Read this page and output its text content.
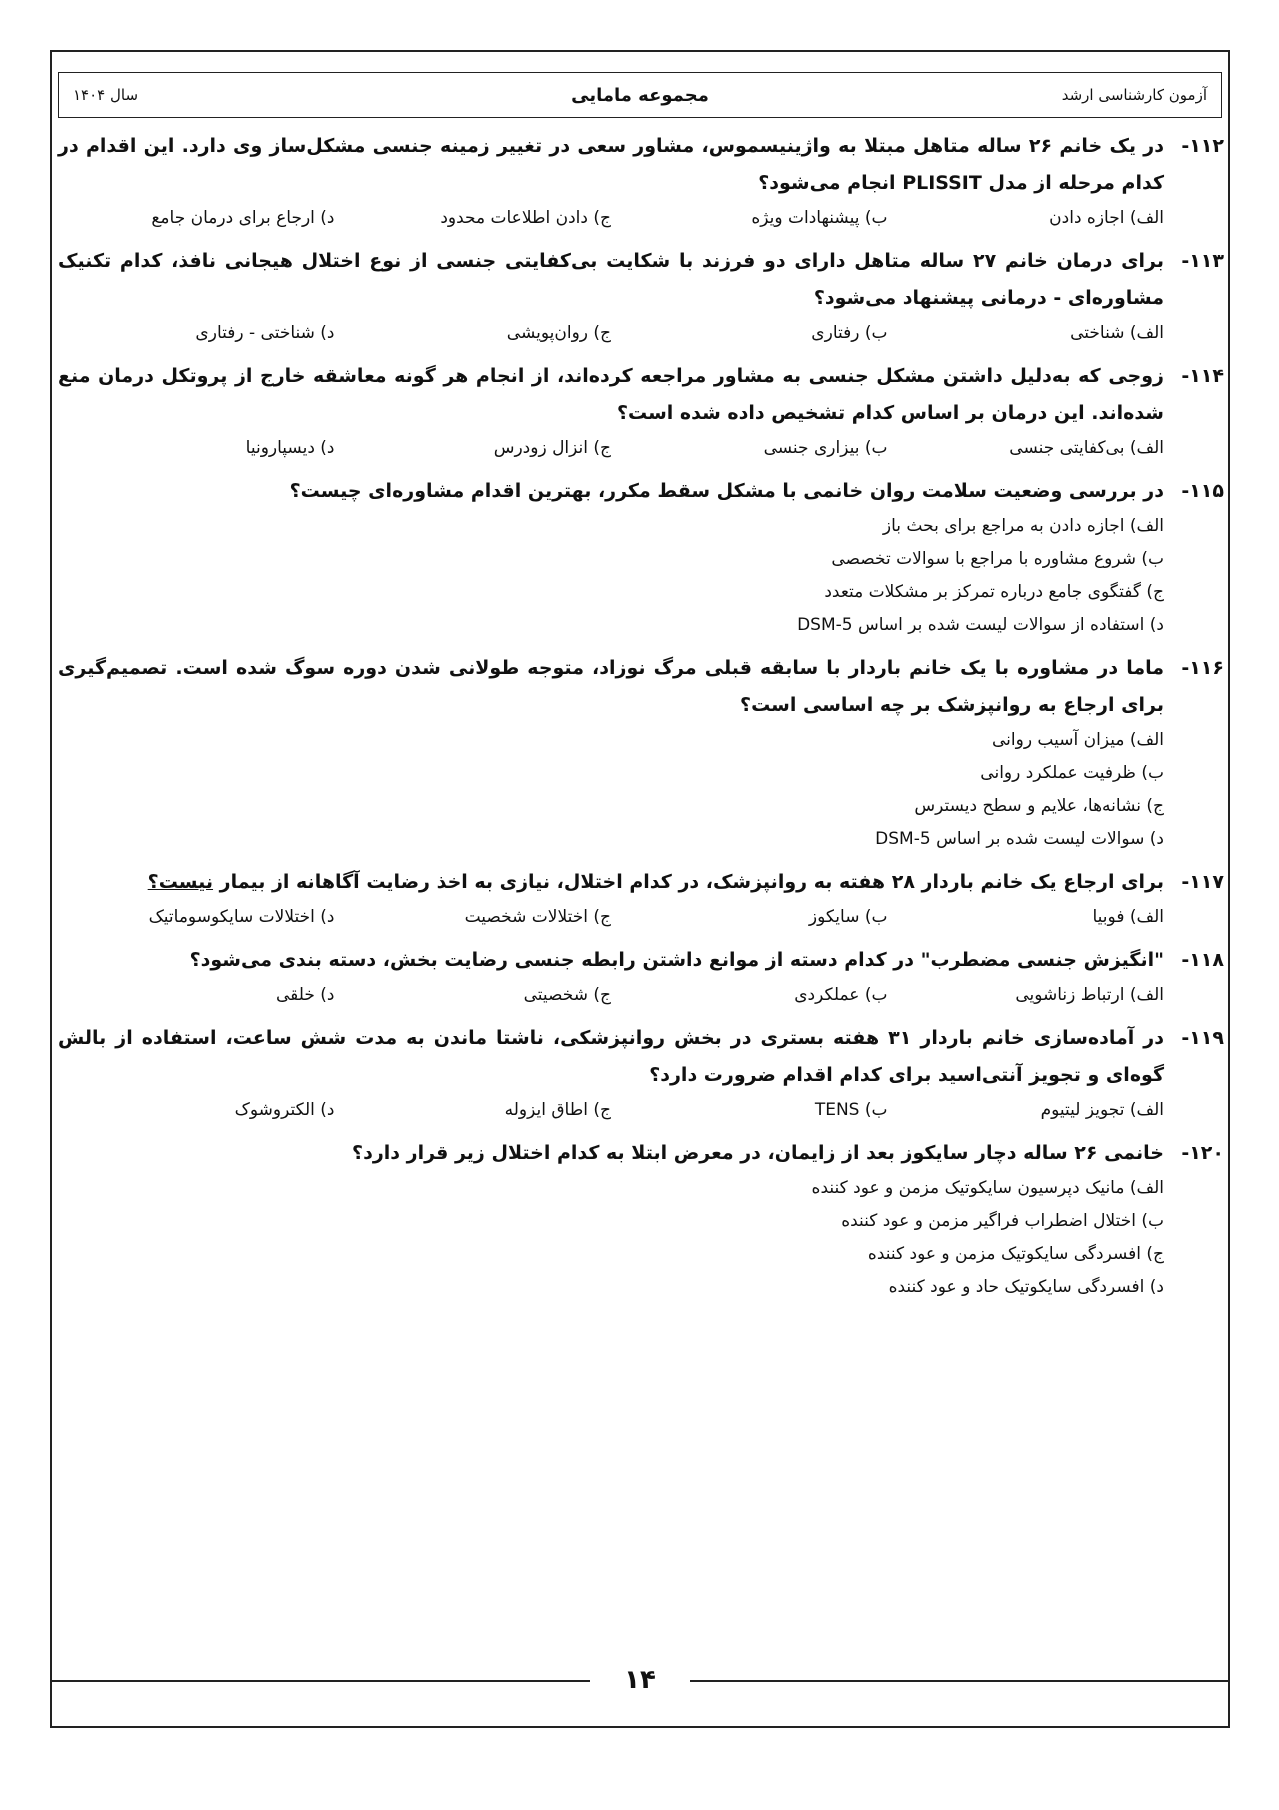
آزمون کارشناسی ارشد
مجموعه مامایی
سال ۱۴۰۴
۱۱۲-
در یک خانم ۲۶ ساله متاهل مبتلا به واژینیسموس، مشاور سعی در تغییر زمینه جنسی مشکل‌ساز وی دارد. این اقدام در کدام مرحله از مدل PLISSIT انجام می‌شود؟
الف) اجازه دادن
ب) پیشنهادات ویژه
ج) دادن اطلاعات محدود
د) ارجاع برای درمان جامع
۱۱۳-
برای درمان خانم ۲۷ ساله متاهل دارای دو فرزند با شکایت بی‌کفایتی جنسی از نوع اختلال هیجانی نافذ، کدام تکنیک مشاوره‌ای - درمانی پیشنهاد می‌شود؟
الف) شناختی
ب) رفتاری
ج) روان‌پویشی
د) شناختی - رفتاری
۱۱۴-
زوجی که به‌دلیل داشتن مشکل جنسی به مشاور مراجعه کرده‌اند، از انجام هر گونه معاشقه خارج از پروتکل درمان منع شده‌اند. این درمان بر اساس کدام تشخیص داده شده است؟
الف) بی‌کفایتی جنسی
ب) بیزاری جنسی
ج) انزال زودرس
د) دیسپارونیا
۱۱۵-
در بررسی وضعیت سلامت روان خانمی با مشکل سقط مکرر، بهترین اقدام مشاوره‌ای چیست؟
الف) اجازه دادن به مراجع برای بحث باز
ب) شروع مشاوره با مراجع با سوالات تخصصی
ج) گفتگوی جامع درباره تمرکز بر مشکلات متعدد
د) استفاده از سوالات لیست شده بر اساس DSM-5
۱۱۶-
ماما در مشاوره با یک خانم باردار با سابقه قبلی مرگ نوزاد، متوجه طولانی شدن دوره سوگ شده است. تصمیم‌گیری برای ارجاع به روانپزشک بر چه اساسی است؟
الف) میزان آسیب روانی
ب) ظرفیت عملکرد روانی
ج) نشانه‌ها، علایم و سطح دیسترس
د) سوالات لیست شده بر اساس DSM-5
۱۱۷-
برای ارجاع یک خانم باردار ۲۸ هفته به روانپزشک، در کدام اختلال، نیازی به اخذ رضایت آگاهانه از بیمار نیست؟
الف) فوبیا
ب) سایکوز
ج) اختلالات شخصیت
د) اختلالات سایکوسوماتیک
۱۱۸-
"انگیزش جنسی مضطرب" در کدام دسته از موانع داشتن رابطه جنسی رضایت بخش، دسته بندی می‌شود؟
الف) ارتباط زناشویی
ب) عملکردی
ج) شخصیتی
د) خلقی
۱۱۹-
در آماده‌سازی خانم باردار ۳۱ هفته بستری در بخش روانپزشکی، ناشتا ماندن به مدت شش ساعت، استفاده از بالش گوه‌ای و تجویز آنتی‌اسید برای کدام اقدام ضرورت دارد؟
الف) تجویز لیتیوم
ب) TENS
ج) اطاق ایزوله
د) الکتروشوک
۱۲۰-
خانمی ۲۶ ساله دچار سایکوز بعد از زایمان، در معرض ابتلا به کدام اختلال زیر قرار دارد؟
الف) مانیک دپرسیون سایکوتیک مزمن و عود کننده
ب) اختلال اضطراب فراگیر مزمن و عود کننده
ج) افسردگی سایکوتیک مزمن و عود کننده
د) افسردگی سایکوتیک حاد و عود کننده
۱۴
